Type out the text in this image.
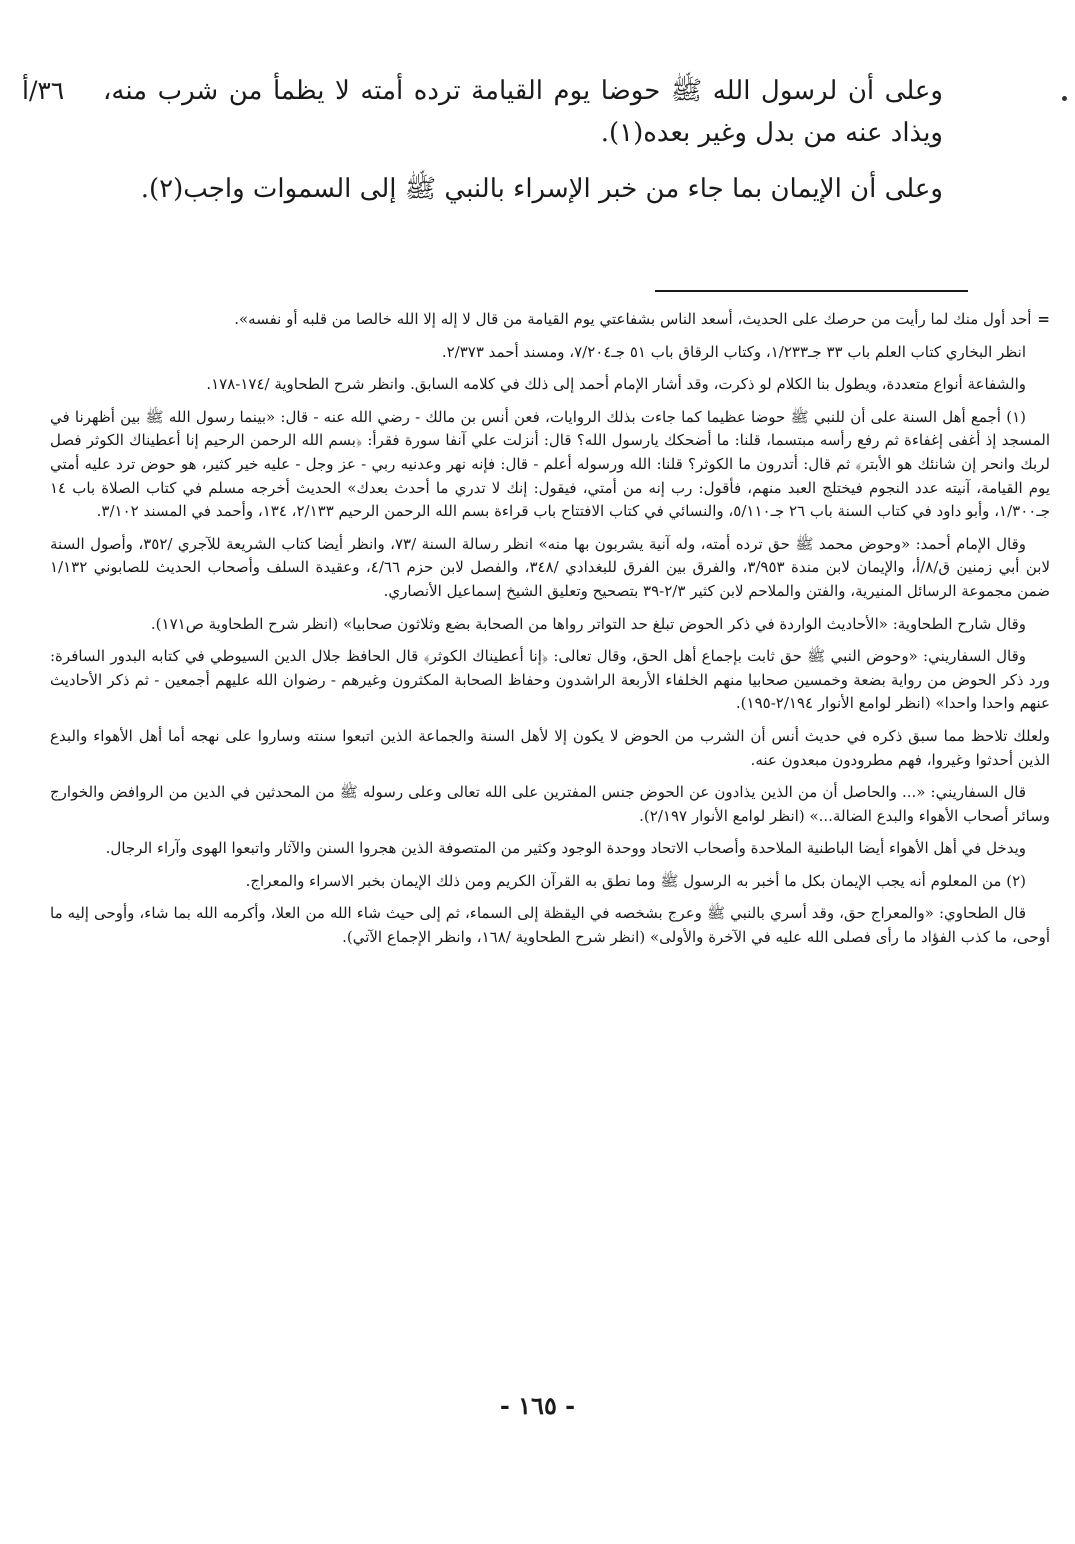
٣٦/أ وعلى أن لرسول الله ﷺ حوضا يوم القيامة ترده أمته لا يظمأ من شرب منه، ويذاد عنه من بدل وغير بعده(١).

وعلى أن الإيمان بما جاء من خبر الإسراء بالنبي ﷺ إلى السموات واجب(٢).

=أحد أول منك لما رأيت من حرصك على الحديث، أسعد الناس بشفاعتي يوم القيامة من قال لا إله إلا الله خالصا من قلبه أو نفسه».

انظر البخاري كتاب العلم باب ٣٣ جـ١/٢٣٣، وكتاب الرقاق باب ٥١ جـ٧/٢٠٤، ومسند أحمد ٢/٣٧٣.

والشفاعة أنواع متعددة، ويطول بنا الكلام لو ذكرت، وقد أشار الإمام أحمد إلى ذلك في كلامه السابق. وانظر شرح الطحاوية /١٧٤-١٧٨.

(١) أجمع أهل السنة على أن للنبي ﷺ حوضا عظيما كما جاءت بذلك الروايات، فعن أنس بن مالك - رضي الله عنه - قال: «بينما رسول الله ﷺ بين أظهرنا في المسجد إذ أغفى إغفاءة ثم رفع رأسه مبتسما، قلنا: ما أضحكك يارسول الله؟ قال: أنزلت علي آنفا سورة فقرأ: ﴿بسم الله الرحمن الرحيم إنا أعطيناك الكوثر فصل لربك وانحر إن شانئك هو الأبتر﴾ ثم قال: أتدرون ما الكوثر؟ قلنا: الله ورسوله أعلم - قال: فإنه نهر وعدنيه ربي - عز وجل - عليه خير كثير، هو حوض ترد عليه أمتي يوم القيامة، آنيته عدد النجوم فيختلج العبد منهم، فأقول: رب إنه من أمتي، فيقول: إنك لا تدري ما أحدث بعدك» الحديث أخرجه مسلم في كتاب الصلاة باب ١٤ جـ١/٣٠٠، وأبو داود في كتاب السنة باب ٢٦ جـ٥/١١٠، والنسائي في كتاب الافتتاح باب قراءة بسم الله الرحمن الرحيم ٢/١٣٣، ١٣٤، وأحمد في المسند ٣/١٠٢.

وقال الإمام أحمد: «وحوض محمد ﷺ حق ترده أمته، وله آنية يشربون بها منه» انظر رسالة السنة /٧٣، وانظر أيضا كتاب الشريعة للآجري /٣٥٢، وأصول السنة لابن أبي زمنين ق/٨/أ، والإيمان لابن مندة ٣/٩٥٣، والفرق بين الفرق للبغدادي /٣٤٨، والفصل لابن حزم ٤/٦٦، وعقيدة السلف وأصحاب الحديث للصابوني ١/١٣٢ ضمن مجموعة الرسائل المنيرية، والفتن والملاحم لابن كثير ٢/٣-٣٩ بتصحيح وتعليق الشيخ إسماعيل الأنصاري.

وقال شارح الطحاوية: «الأحاديث الواردة في ذكر الحوض تبلغ حد التواتر رواها من الصحابة بضع وثلاثون صحابيا» (انظر شرح الطحاوية ص١٧١).

وقال السفاريني: «وحوض النبي ﷺ حق ثابت بإجماع أهل الحق، وقال تعالى: ﴿إنا أعطيناك الكوثر﴾ قال الحافظ جلال الدين السيوطي في كتابه البدور السافرة: ورد ذكر الحوض من رواية بضعة وخمسين صحابيا منهم الخلفاء الأربعة الراشدون وحفاظ الصحابة المكثرون وغيرهم - رضوان الله عليهم أجمعين - ثم ذكر الأحاديث عنهم واحدا واحدا» (انظر لوامع الأنوار ٢/١٩٤-١٩٥).

ولعلك تلاحظ مما سبق ذكره في حديث أنس أن الشرب من الحوض لا يكون إلا لأهل السنة والجماعة الذين اتبعوا سنته وساروا على نهجه أما أهل الأهواء والبدع الذين أحدثوا وغيروا، فهم مطرودون مبعدون عنه.

قال السفاريني: «... والحاصل أن من الذين يذادون عن الحوض جنس المفترين على الله تعالى وعلى رسوله ﷺ من المحدثين في الدين من الروافض والخوارج وسائر أصحاب الأهواء والبدع الضالة...» (انظر لوامع الأنوار ٢/١٩٧).

ويدخل في أهل الأهواء أيضا الباطنية الملاحدة وأصحاب الاتحاد ووحدة الوجود وكثير من المتصوفة الذين هجروا السنن والآثار واتبعوا الهوى وآراء الرجال.

(٢) من المعلوم أنه يجب الإيمان بكل ما أخبر به الرسول ﷺ وما نطق به القرآن الكريم ومن ذلك الإيمان بخبر الاسراء والمعراج.

قال الطحاوي: «والمعراج حق، وقد أسري بالنبي ﷺ وعرج بشخصه في اليقظة إلى السماء، ثم إلى حيث شاء الله من العلا، وأكرمه الله بما شاء، وأوحى إليه ما أوحى، ما كذب الفؤاد ما رأى فصلى الله عليه في الآخرة والأولى» (انظر شرح الطحاوية /١٦٨، وانظر الإجماع الآتي).

- ١٦٥ -
